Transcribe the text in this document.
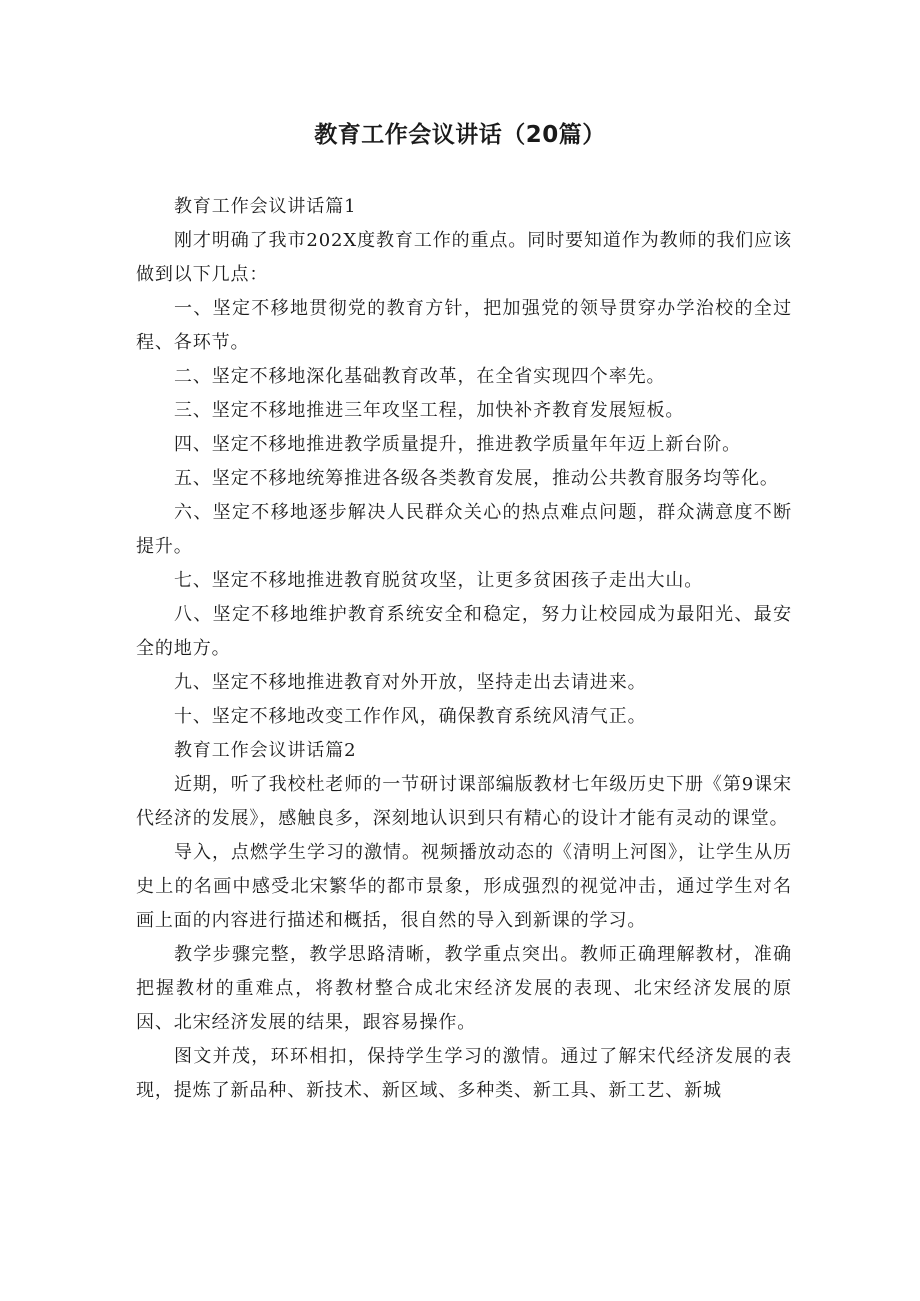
教育工作会议讲话（20篇）

教育工作会议讲话篇1

刚才明确了我市202X度教育工作的重点。同时要知道作为教师的我们应该做到以下几点：

一、坚定不移地贯彻党的教育方针，把加强党的领导贯穿办学治校的全过程、各环节。

二、坚定不移地深化基础教育改革，在全省实现四个率先。

三、坚定不移地推进三年攻坚工程，加快补齐教育发展短板。

四、坚定不移地推进教学质量提升，推进教学质量年年迈上新台阶。

五、坚定不移地统筹推进各级各类教育发展，推动公共教育服务均等化。

六、坚定不移地逐步解决人民群众关心的热点难点问题，群众满意度不断提升。

七、坚定不移地推进教育脱贫攻坚，让更多贫困孩子走出大山。

八、坚定不移地维护教育系统安全和稳定，努力让校园成为最阳光、最安全的地方。

九、坚定不移地推进教育对外开放，坚持走出去请进来。

十、坚定不移地改变工作作风，确保教育系统风清气正。

教育工作会议讲话篇2

近期，听了我校杜老师的一节研讨课部编版教材七年级历史下册《第9课宋代经济的发展》，感触良多，深刻地认识到只有精心的设计才能有灵动的课堂。

导入，点燃学生学习的激情。视频播放动态的《清明上河图》，让学生从历史上的名画中感受北宋繁华的都市景象，形成强烈的视觉冲击，通过学生对名画上面的内容进行描述和概括，很自然的导入到新课的学习。

教学步骤完整，教学思路清晰，教学重点突出。教师正确理解教材，准确把握教材的重难点，将教材整合成北宋经济发展的表现、北宋经济发展的原因、北宋经济发展的结果，跟容易操作。

图文并茂，环环相扣，保持学生学习的激情。通过了解宋代经济发展的表现，提炼了新品种、新技术、新区域、多种类、新工具、新工艺、新城
